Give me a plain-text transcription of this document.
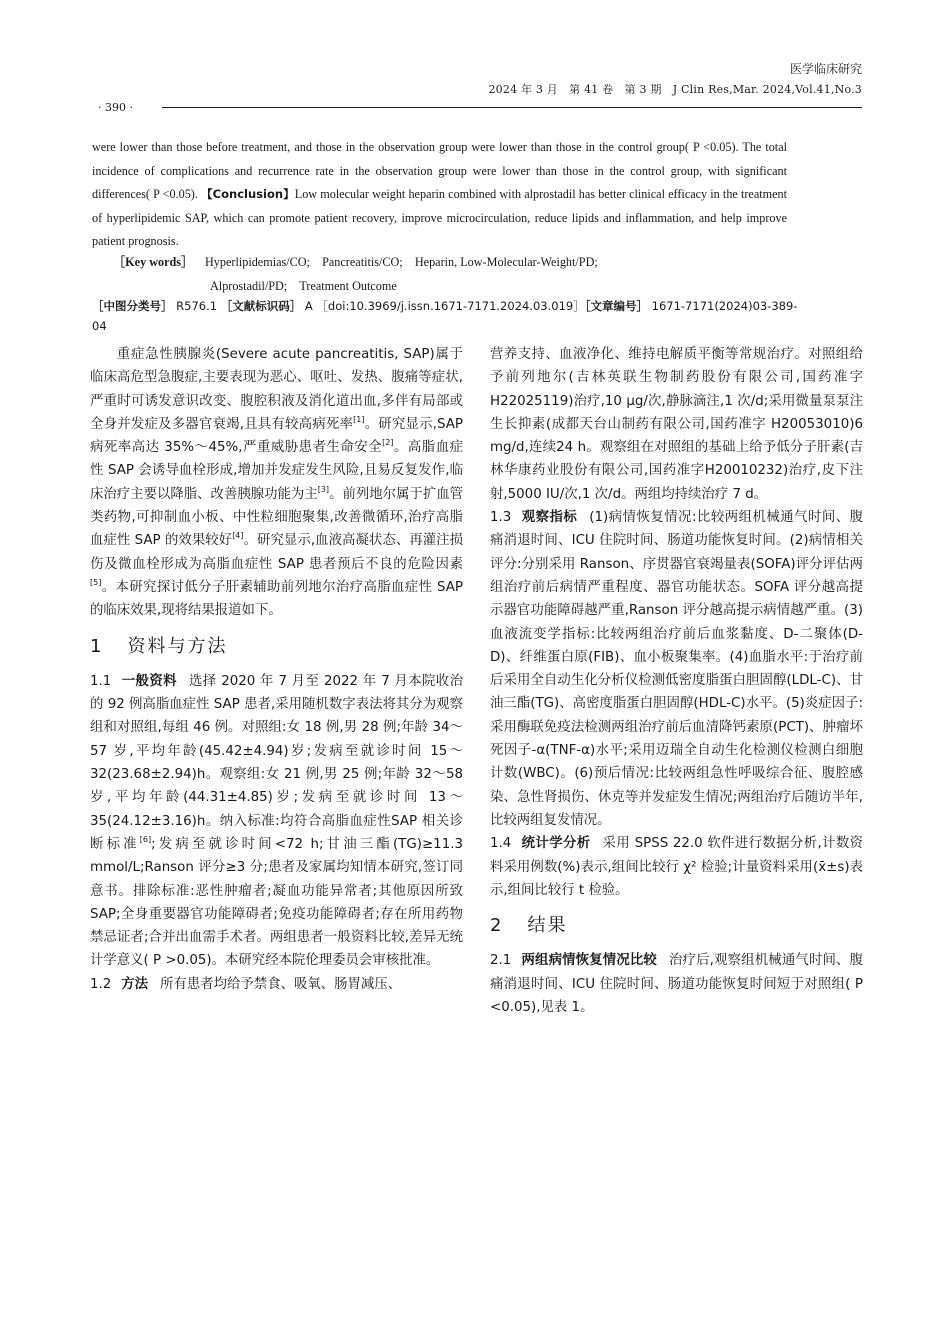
医学临床研究
2024 年 3 月　第 41 卷　第 3 期　J Clin Res,Mar. 2024,Vol.41,No.3
· 390 ·
were lower than those before treatment, and those in the observation group were lower than those in the control group( P <0.05). The total incidence of complications and recurrence rate in the observation group were lower than those in the control group, with significant differences( P <0.05). 【Conclusion】Low molecular weight heparin combined with alprostadil has better clinical efficacy in the treatment of hyperlipidemic SAP, which can promote patient recovery, improve microcirculation, reduce lipids and inflammation, and help improve patient prognosis.
［Key words］ Hyperlipidemias/CO;　Pancreatitis/CO;　Heparin, Low-Molecular-Weight/PD;
Alprostadil/PD;　Treatment Outcome
［中图分类号］ R576.1 ［文献标识码］ A ［doi:10.3969/j.issn.1671-7171.2024.03.019］［文章编号］ 1671-7171(2024)03-389-04

重症急性胰腺炎(Severe acute pancreatitis, SAP)属于临床高危型急腹症,主要表现为恶心、呕吐、发热、腹痛等症状,严重时可诱发意识改变、腹腔积液及消化道出血,多伴有局部或全身并发症及多器官衰竭,且具有较高病死率[1]。研究显示,SAP病死率高达 35%～45%,严重威胁患者生命安全[2]。高脂血症性 SAP 会诱导血栓形成,增加并发症发生风险,且易反复发作,临床治疗主要以降脂、改善胰腺功能为主[3]。前列地尔属于扩血管类药物,可抑制血小板、中性粒细胞聚集,改善微循环,治疗高脂血症性 SAP 的效果较好[4]。研究显示,血液高凝状态、再灌注损伤及微血栓形成为高脂血症性 SAP 患者预后不良的危险因素[5]。本研究探讨低分子肝素辅助前列地尔治疗高脂血症性 SAP 的临床效果,现将结果报道如下。

1 资料与方法

1.1 一般资料 选择 2020 年 7 月至 2022 年 7 月本院收治的 92 例高脂血症性 SAP 患者,采用随机数字表法将其分为观察组和对照组,每组 46 例。对照组:女 18 例,男 28 例;年龄 34～57 岁,平均年龄(45.42±4.94)岁;发病至就诊时间 15～32(23.68±2.94)h。观察组:女 21 例,男 25 例;年龄 32～58岁,平均年龄(44.31±4.85)岁;发病至就诊时间 13～35(24.12±3.16)h。纳入标准:均符合高脂血症性SAP 相关诊断标准[6];发病至就诊时间<72 h;甘油三酯(TG)≥11.3 mmol/L;Ranson 评分≥3 分;患者及家属均知情本研究,签订同意书。排除标准:恶性肿瘤者;凝血功能异常者;其他原因所致 SAP;全身重要器官功能障碍者;免疫功能障碍者;存在所用药物禁忌证者;合并出血需手术者。两组患者一般资料比较,差异无统计学意义( P >0.05)。本研究经本院伦理委员会审核批准。

1.2 方法 所有患者均给予禁食、吸氧、肠胃减压、

营养支持、血液净化、维持电解质平衡等常规治疗。对照组给予前列地尔(吉林英联生物制药股份有限公司,国药准字 H22025119)治疗,10 μg/次,静脉滴注,1 次/d;采用微量泵泵注生长抑素(成都天台山制药有限公司,国药准字 H20053010)6 mg/d,连续24 h。观察组在对照组的基础上给予低分子肝素(吉林华康药业股份有限公司,国药准字H20010232)治疗,皮下注射,5000 IU/次,1 次/d。两组均持续治疗 7 d。

1.3 观察指标 (1)病情恢复情况:比较两组机械通气时间、腹痛消退时间、ICU 住院时间、肠道功能恢复时间。(2)病情相关评分:分别采用 Ranson、序贯器官衰竭量表(SOFA)评分评估两组治疗前后病情严重程度、器官功能状态。SOFA 评分越高提示器官功能障碍越严重,Ranson 评分越高提示病情越严重。(3)血液流变学指标:比较两组治疗前后血浆黏度、D-二聚体(D-D)、纤维蛋白原(FIB)、血小板聚集率。(4)血脂水平:于治疗前后采用全自动生化分析仪检测低密度脂蛋白胆固醇(LDL-C)、甘油三酯(TG)、高密度脂蛋白胆固醇(HDL-C)水平。(5)炎症因子:采用酶联免疫法检测两组治疗前后血清降钙素原(PCT)、肿瘤坏死因子-α(TNF-α)水平;采用迈瑞全自动生化检测仪检测白细胞计数(WBC)。(6)预后情况:比较两组急性呼吸综合征、腹腔感染、急性肾损伤、休克等并发症发生情况;两组治疗后随访半年,比较两组复发情况。

1.4 统计学分析 采用 SPSS 22.0 软件进行数据分析,计数资料采用例数(%)表示,组间比较行 χ² 检验;计量资料采用(x̄±s)表示,组间比较行 t 检验。

2 结果

2.1 两组病情恢复情况比较 治疗后,观察组机械通气时间、腹痛消退时间、ICU 住院时间、肠道功能恢复时间短于对照组( P <0.05),见表 1。
